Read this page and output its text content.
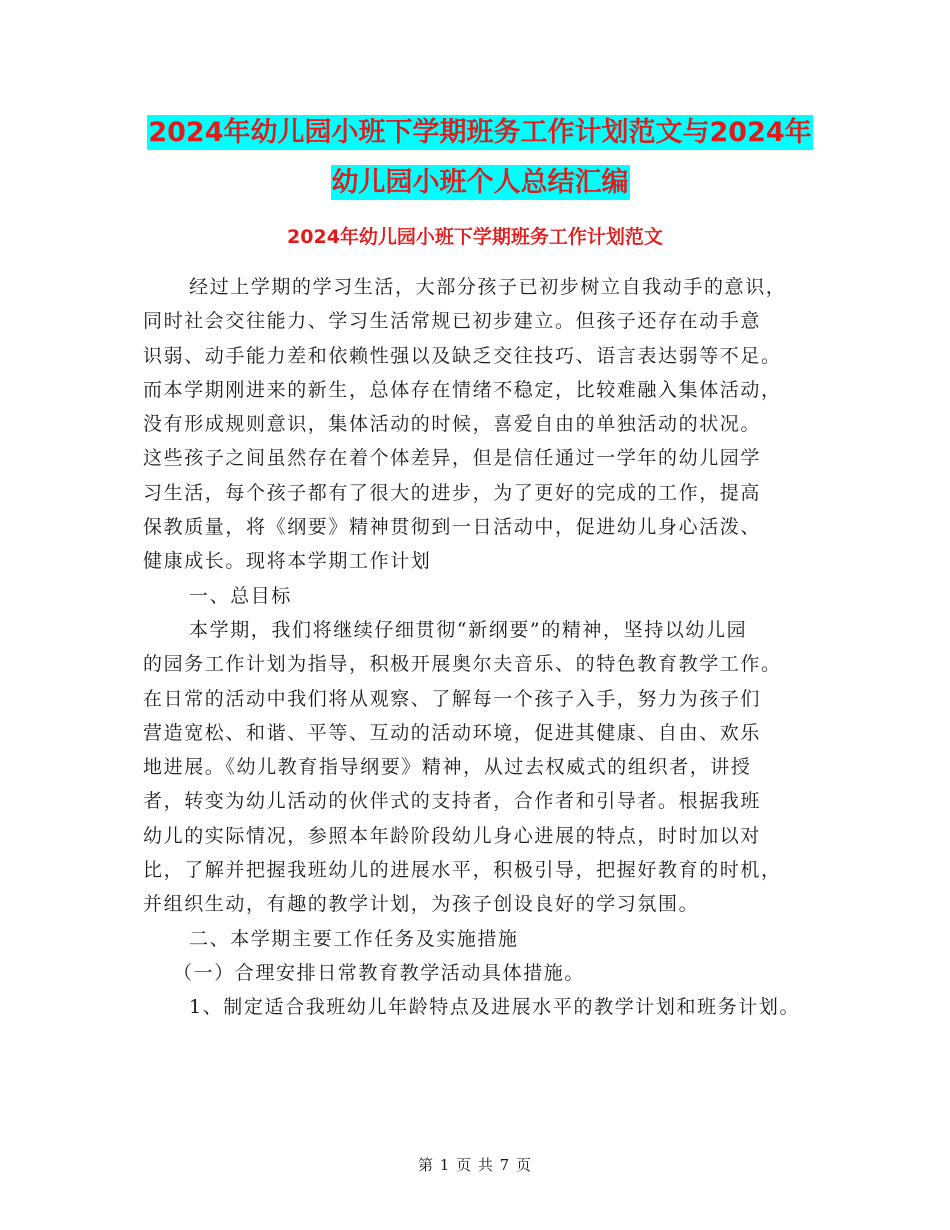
2024年幼儿园小班下学期班务工作计划范文与2024年
幼儿园小班个人总结汇编
2024年幼儿园小班下学期班务工作计划范文
经过上学期的学习生活，大部分孩子已初步树立自我动手的意识，
同时社会交往能力、学习生活常规已初步建立。但孩子还存在动手意
识弱、动手能力差和依赖性强以及缺乏交往技巧、语言表达弱等不足。
而本学期刚进来的新生，总体存在情绪不稳定，比较难融入集体活动，
没有形成规则意识，集体活动的时候，喜爱自由的单独活动的状况。
这些孩子之间虽然存在着个体差异，但是信任通过一学年的幼儿园学
习生活，每个孩子都有了很大的进步，为了更好的完成的工作，提高
保教质量，将《纲要》精神贯彻到一日活动中，促进幼儿身心活泼、
健康成长。现将本学期工作计划
一、总目标
本学期，我们将继续仔细贯彻“新纲要”的精神，坚持以幼儿园
的园务工作计划为指导，积极开展奥尔夫音乐、的特色教育教学工作。
在日常的活动中我们将从观察、了解每一个孩子入手，努力为孩子们
营造宽松、和谐、平等、互动的活动环境，促进其健康、自由、欢乐
地进展。《幼儿教育指导纲要》精神，从过去权威式的组织者，讲授
者，转变为幼儿活动的伙伴式的支持者，合作者和引导者。根据我班
幼儿的实际情况，参照本年龄阶段幼儿身心进展的特点，时时加以对
比，了解并把握我班幼儿的进展水平，积极引导，把握好教育的时机，
并组织生动，有趣的教学计划，为孩子创设良好的学习氛围。
二、本学期主要工作任务及实施措施
（一）合理安排日常教育教学活动具体措施。
1、制定适合我班幼儿年龄特点及进展水平的教学计划和班务计划。
第 1 页 共 7 页
